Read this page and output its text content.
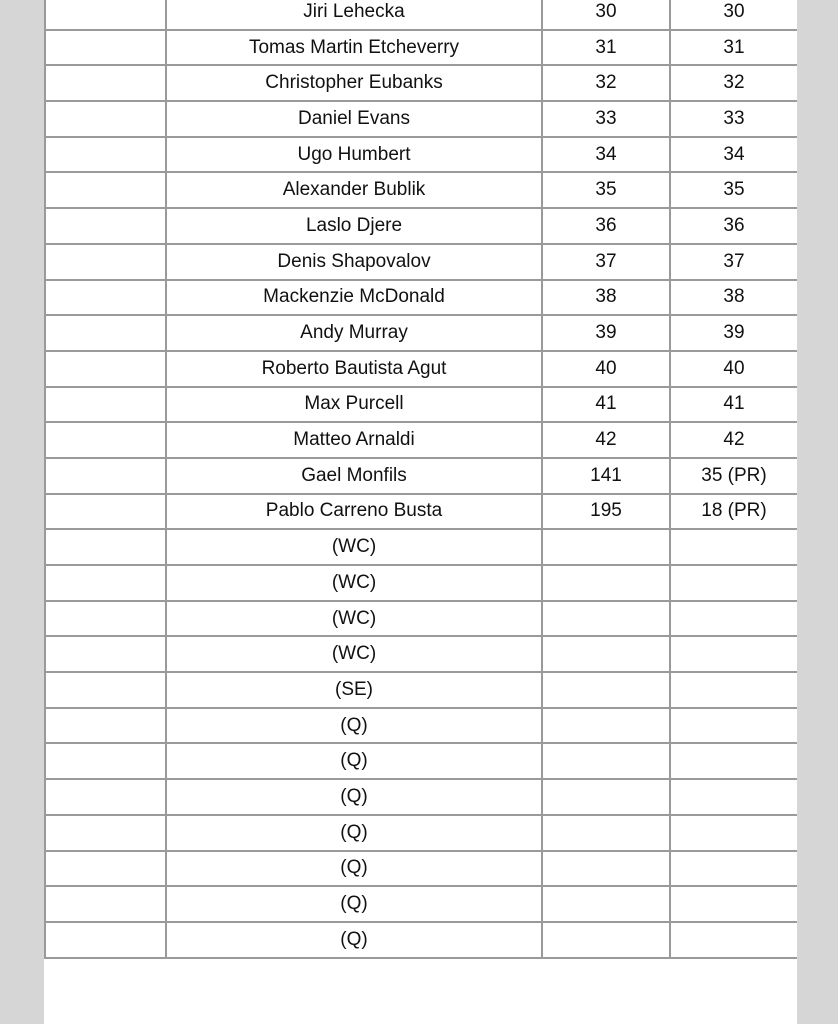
	Jiri Lehecka	30	30
	Tomas Martin Etcheverry	31	31
	Christopher Eubanks	32	32
	Daniel Evans	33	33
	Ugo Humbert	34	34
	Alexander Bublik	35	35
	Laslo Djere	36	36
	Denis Shapovalov	37	37
	Mackenzie McDonald	38	38
	Andy Murray	39	39
	Roberto Bautista Agut	40	40
	Max Purcell	41	41
	Matteo Arnaldi	42	42
	Gael Monfils	141	35 (PR)
	Pablo Carreno Busta	195	18 (PR)
	(WC)		
	(WC)		
	(WC)		
	(WC)		
	(SE)		
	(Q)		
	(Q)		
	(Q)		
	(Q)		
	(Q)		
	(Q)		
	(Q)		
